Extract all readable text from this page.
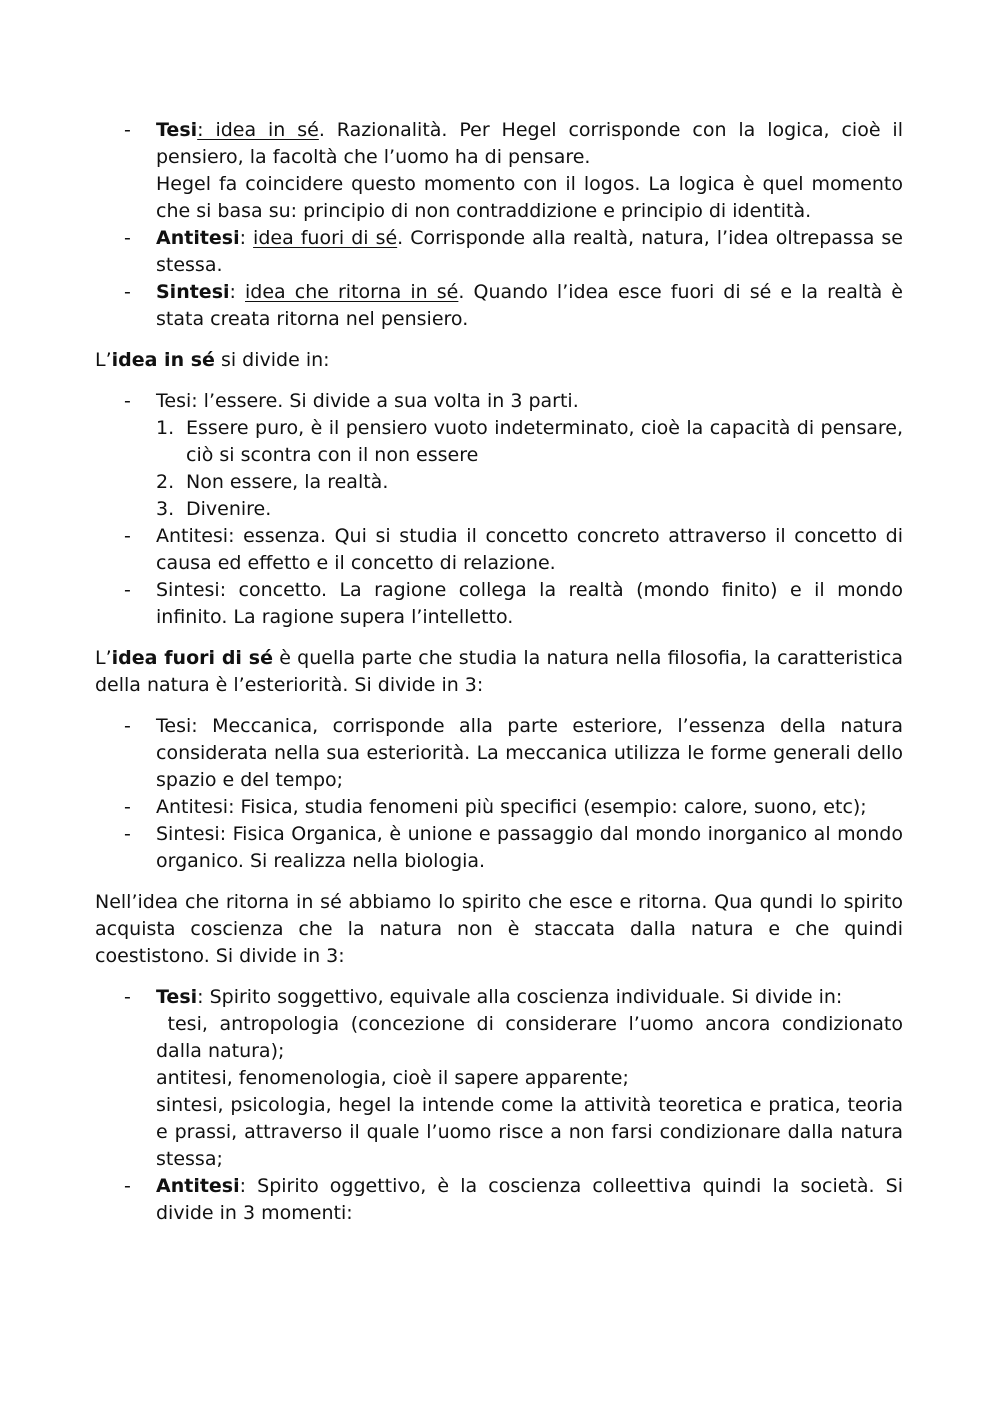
-	Tesi: idea in sé. Razionalità. Per Hegel corrisponde con la logica, cioè il pensiero, la facoltà che l’uomo ha di pensare.
Hegel fa coincidere questo momento con il logos. La logica è quel momento che si basa su: principio di non contraddizione e principio di identità.
-	Antitesi: idea fuori di sé. Corrisponde alla realtà, natura, l’idea oltrepassa se stessa.
-	Sintesi: idea che ritorna in sé. Quando l’idea esce fuori di sé e la realtà è stata creata ritorna nel pensiero.

L’idea in sé si divide in:

-	Tesi: l’essere. Si divide a sua volta in 3 parti.
1. Essere puro, è il pensiero vuoto indeterminato, cioè la capacità di pensare, ciò si scontra con il non essere
2. Non essere, la realtà.
3. Divenire.
-	Antitesi: essenza. Qui si studia il concetto concreto attraverso il concetto di causa ed effetto e il concetto di relazione.
-	Sintesi: concetto. La ragione collega la realtà (mondo finito) e il mondo infinito. La ragione supera l’intelletto.

L’idea fuori di sé è quella parte che studia la natura nella filosofia, la caratteristica della natura è l’esteriorità. Si divide in 3:

-	Tesi: Meccanica, corrisponde alla parte esteriore, l’essenza della natura considerata nella sua esteriorità. La meccanica utilizza le forme generali dello spazio e del tempo;
-	Antitesi: Fisica, studia fenomeni più specifici (esempio: calore, suono, etc);
-	Sintesi: Fisica Organica, è unione e passaggio dal mondo inorganico al mondo organico. Si realizza nella biologia.

Nell’idea che ritorna in sé abbiamo lo spirito che esce e ritorna. Qua qundi lo spirito acquista coscienza che la natura non è staccata dalla natura e che quindi coestistono. Si divide in 3:

-	Tesi: Spirito soggettivo, equivale alla coscienza individuale. Si divide in:
tesi, antropologia (concezione di considerare l’uomo ancora condizionato dalla natura);
antitesi, fenomenologia, cioè il sapere apparente;
sintesi, psicologia, hegel la intende come la attività teoretica e pratica, teoria e prassi, attraverso il quale l’uomo risce a non farsi condizionare dalla natura stessa;
-	Antitesi: Spirito oggettivo, è la coscienza colleettiva quindi la società. Si divide in 3 momenti:
